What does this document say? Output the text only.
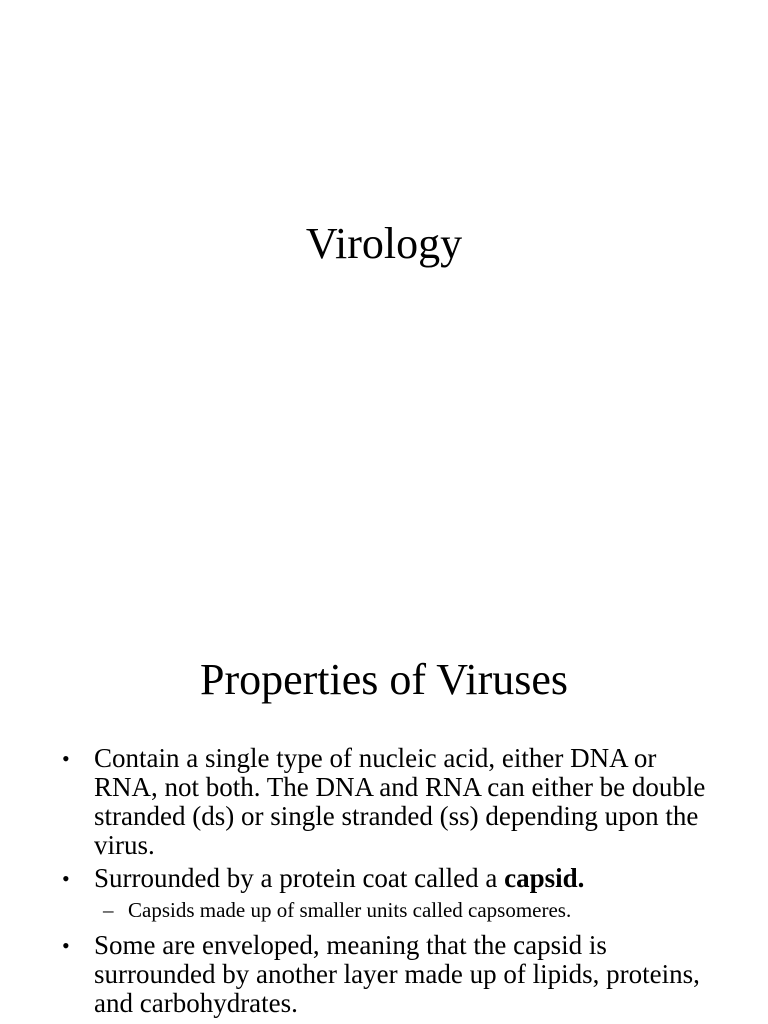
Virology
Properties of Viruses
• Contain a single type of nucleic acid, either DNA or RNA, not both. The DNA and RNA can either be double stranded (ds) or single stranded (ss) depending upon the virus.
• Surrounded by a protein coat called a capsid.
– Capsids made up of smaller units called capsomeres.
• Some are enveloped, meaning that the capsid is surrounded by another layer made up of lipids, proteins, and carbohydrates.
